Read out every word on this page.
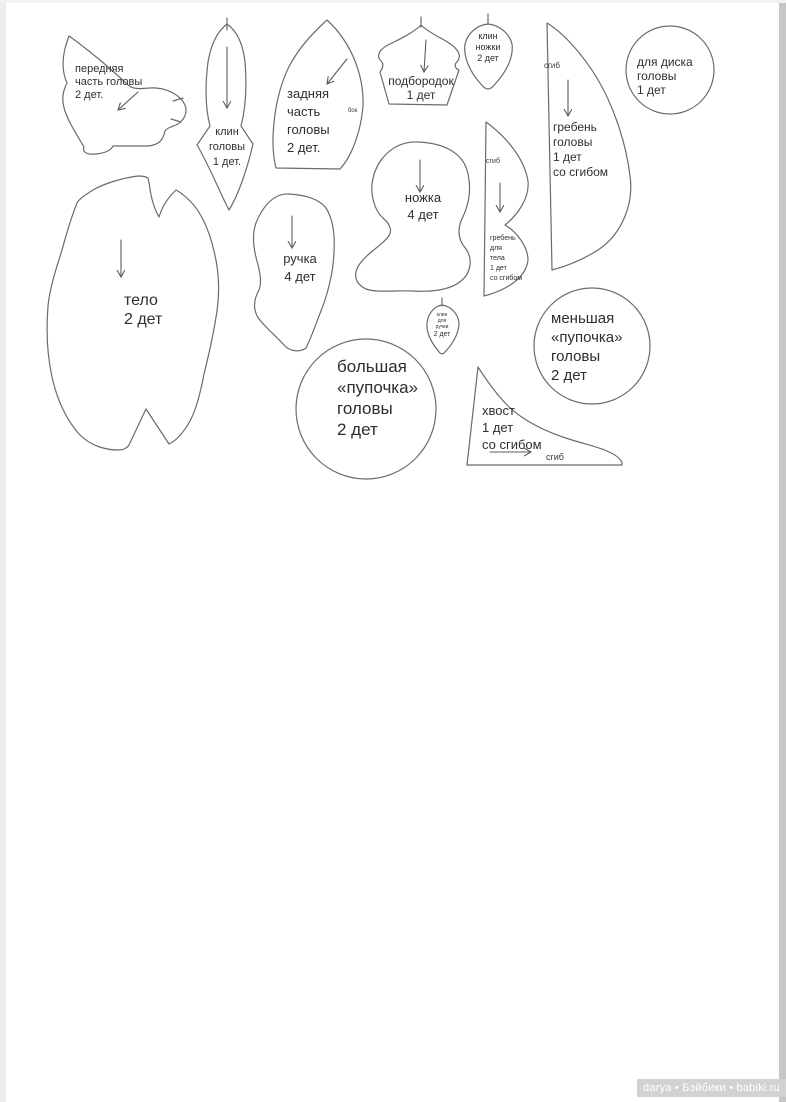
передняя
часть головы
2 дет.
клин
головы
1 дет.
задняя
часть
головы
2 дет.
бок
подбородок
1 дет
клин
ножки
2 дет
сгиб
гребень
головы
1 дет
со сгибом
для диска
головы
1 дет
ножка
4 дет
сгиб
гребень
для
тела
1 дет
со сгибом
ручка
4 дет
тело
2 дет	клин
для
ручки
2 дет
большая
«пупочка»
головы
2 дет
меньшая
«пупочка»
головы
2 дет
хвост
1 дет
со сгибом
сгиб
darya • Бэйбики • babiki.ru
